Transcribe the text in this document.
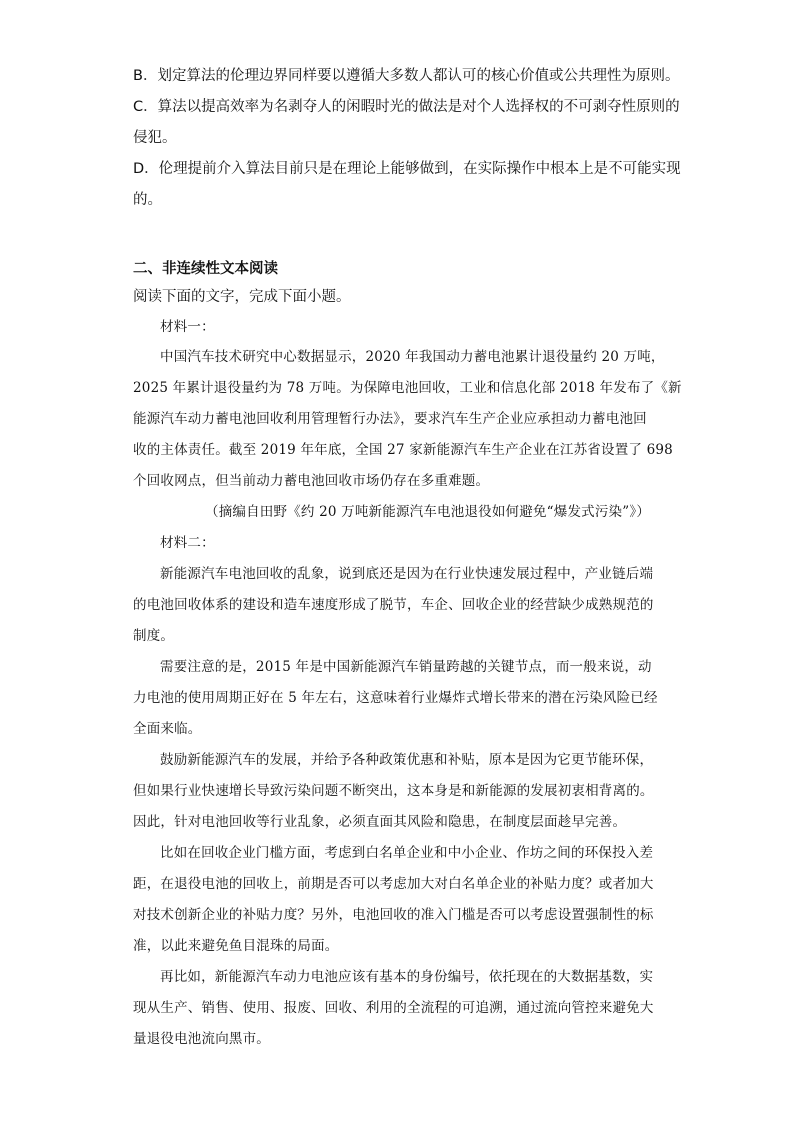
B．划定算法的伦理边界同样要以遵循大多数人都认可的核心价值或公共理性为原则。
C．算法以提高效率为名剥夺人的闲暇时光的做法是对个人选择权的不可剥夺性原则的
侵犯。
D．伦理提前介入算法目前只是在理论上能够做到，在实际操作中根本上是不可能实现
的。
二、非连续性文本阅读
阅读下面的文字，完成下面小题。
材料一：
中国汽车技术研究中心数据显示，2020 年我国动力蓄电池累计退役量约 20 万吨，
2025 年累计退役量约为 78 万吨。为保障电池回收，工业和信息化部 2018 年发布了《新
能源汽车动力蓄电池回收利用管理暂行办法》，要求汽车生产企业应承担动力蓄电池回
收的主体责任。截至 2019 年年底，全国 27 家新能源汽车生产企业在江苏省设置了 698
个回收网点，但当前动力蓄电池回收市场仍存在多重难题。
（摘编自田野《约 20 万吨新能源汽车电池退役如何避免“爆发式污染”》）
材料二：
新能源汽车电池回收的乱象，说到底还是因为在行业快速发展过程中，产业链后端
的电池回收体系的建设和造车速度形成了脱节，车企、回收企业的经营缺少成熟规范的
制度。
需要注意的是，2015 年是中国新能源汽车销量跨越的关键节点，而一般来说，动
力电池的使用周期正好在 5 年左右，这意味着行业爆炸式增长带来的潜在污染风险已经
全面来临。
鼓励新能源汽车的发展，并给予各种政策优惠和补贴，原本是因为它更节能环保，
但如果行业快速增长导致污染问题不断突出，这本身是和新能源的发展初衷相背离的。
因此，针对电池回收等行业乱象，必须直面其风险和隐患，在制度层面趁早完善。
比如在回收企业门槛方面，考虑到白名单企业和中小企业、作坊之间的环保投入差
距，在退役电池的回收上，前期是否可以考虑加大对白名单企业的补贴力度？或者加大
对技术创新企业的补贴力度？另外，电池回收的准入门槛是否可以考虑设置强制性的标
准，以此来避免鱼目混珠的局面。
再比如，新能源汽车动力电池应该有基本的身份编号，依托现在的大数据基数，实
现从生产、销售、使用、报废、回收、利用的全流程的可追溯，通过流向管控来避免大
量退役电池流向黑市。
